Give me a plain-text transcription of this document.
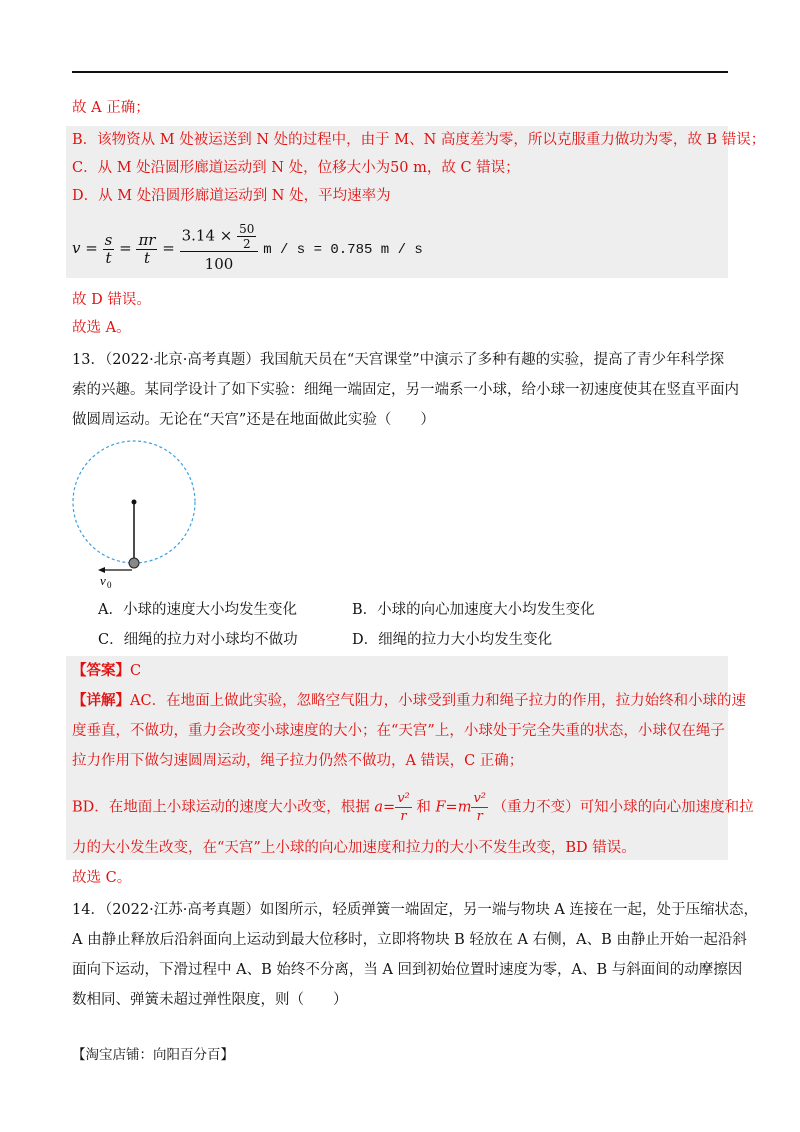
故 A 正确；
B．该物资从 M 处被运送到 N 处的过程中，由于 M、N 高度差为零，所以克服重力做功为零，故 B 错误；
C．从 M 处沿圆形廊道运动到 N 处，位移大小为50 m，故 C 错误；
D．从 M 处沿圆形廊道运动到 N 处，平均速率为
$v = \frac{s}{t} = \frac{\pi r}{t} = \frac{3.14 \times \frac{50}{2}}{100}$ m / s = 0.785 m / s
故 D 错误。
故选 A。
13．（2022·北京·高考真题）我国航天员在“天宫课堂”中演示了多种有趣的实验，提高了青少年科学探
索的兴趣。某同学设计了如下实验：细绳一端固定，另一端系一小球，给小球一初速度使其在竖直平面内
做圆周运动。无论在“天宫”还是在地面做此实验（　　）
v 0
A．小球的速度大小均发生变化	B．小球的向心加速度大小均发生变化
C．细绳的拉力对小球均不做功	D．细绳的拉力大小均发生变化
【答案】C
【详解】AC．在地面上做此实验，忽略空气阻力，小球受到重力和绳子拉力的作用，拉力始终和小球的速
度垂直，不做功，重力会改变小球速度的大小；在“天宫”上，小球处于完全失重的状态，小球仅在绳子
拉力作用下做匀速圆周运动，绳子拉力仍然不做功，A 错误，C 正确；
BD．在地面上小球运动的速度大小改变，根据 $a= \frac{\text{v²}}{r}$ 和 $F=m \frac{\text{v²}}{r}$ （重力不变）可知小球的向心加速度和拉
力的大小发生改变，在“天宫”上小球的向心加速度和拉力的大小不发生改变，BD 错误。
故选 C。
14．（2022·江苏·高考真题）如图所示，轻质弹簧一端固定，另一端与物块 A 连接在一起，处于压缩状态，
A 由静止释放后沿斜面向上运动到最大位移时，立即将物块 B 轻放在 A 右侧，A、B 由静止开始一起沿斜
面向下运动，下滑过程中 A、B 始终不分离，当 A 回到初始位置时速度为零，A、B 与斜面间的动摩擦因
数相同、弹簧未超过弹性限度，则（　　）
【淘宝店铺：向阳百分百】
